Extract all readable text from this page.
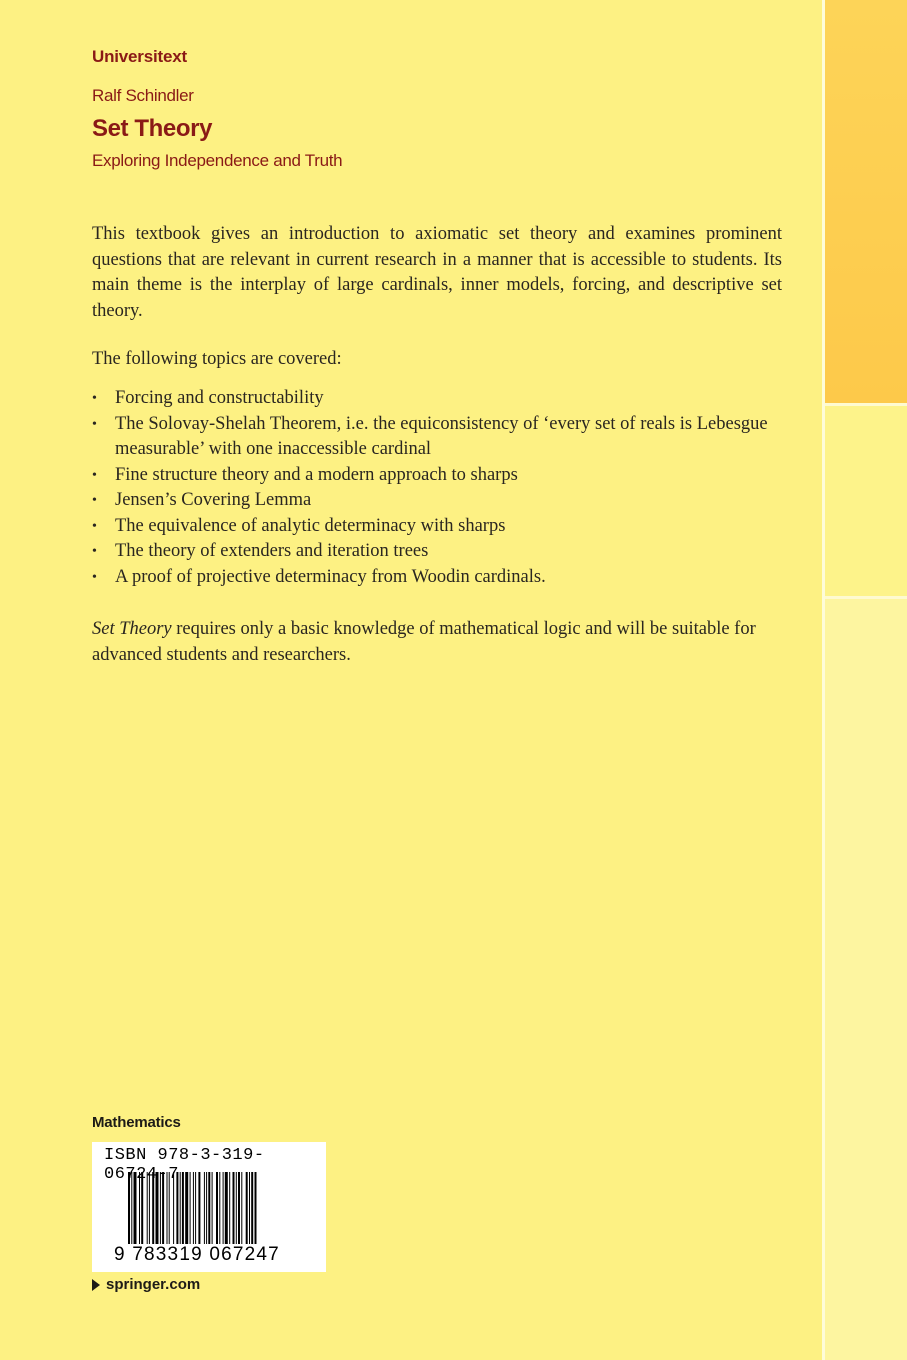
Universitext
Ralf Schindler
Set Theory
Exploring Independence and Truth

This textbook gives an introduction to axiomatic set theory and examines prominent questions that are relevant in current research in a manner that is accessible to students. Its main theme is the interplay of large cardinals, inner models, forcing, and descriptive set theory.

The following topics are covered:

• Forcing and constructability
• The Solovay-Shelah Theorem, i.e. the equiconsistency of ‘every set of reals is Lebesgue measurable’ with one inaccessible cardinal
• Fine structure theory and a modern approach to sharps
• Jensen’s Covering Lemma
• The equivalence of analytic determinacy with sharps
• The theory of extenders and iteration trees
• A proof of projective determinacy from Woodin cardinals.

Set Theory requires only a basic knowledge of mathematical logic and will be suitable for advanced students and researchers.

Mathematics
ISBN 978-3-319-06724-7
9 783319 067247
springer.com
